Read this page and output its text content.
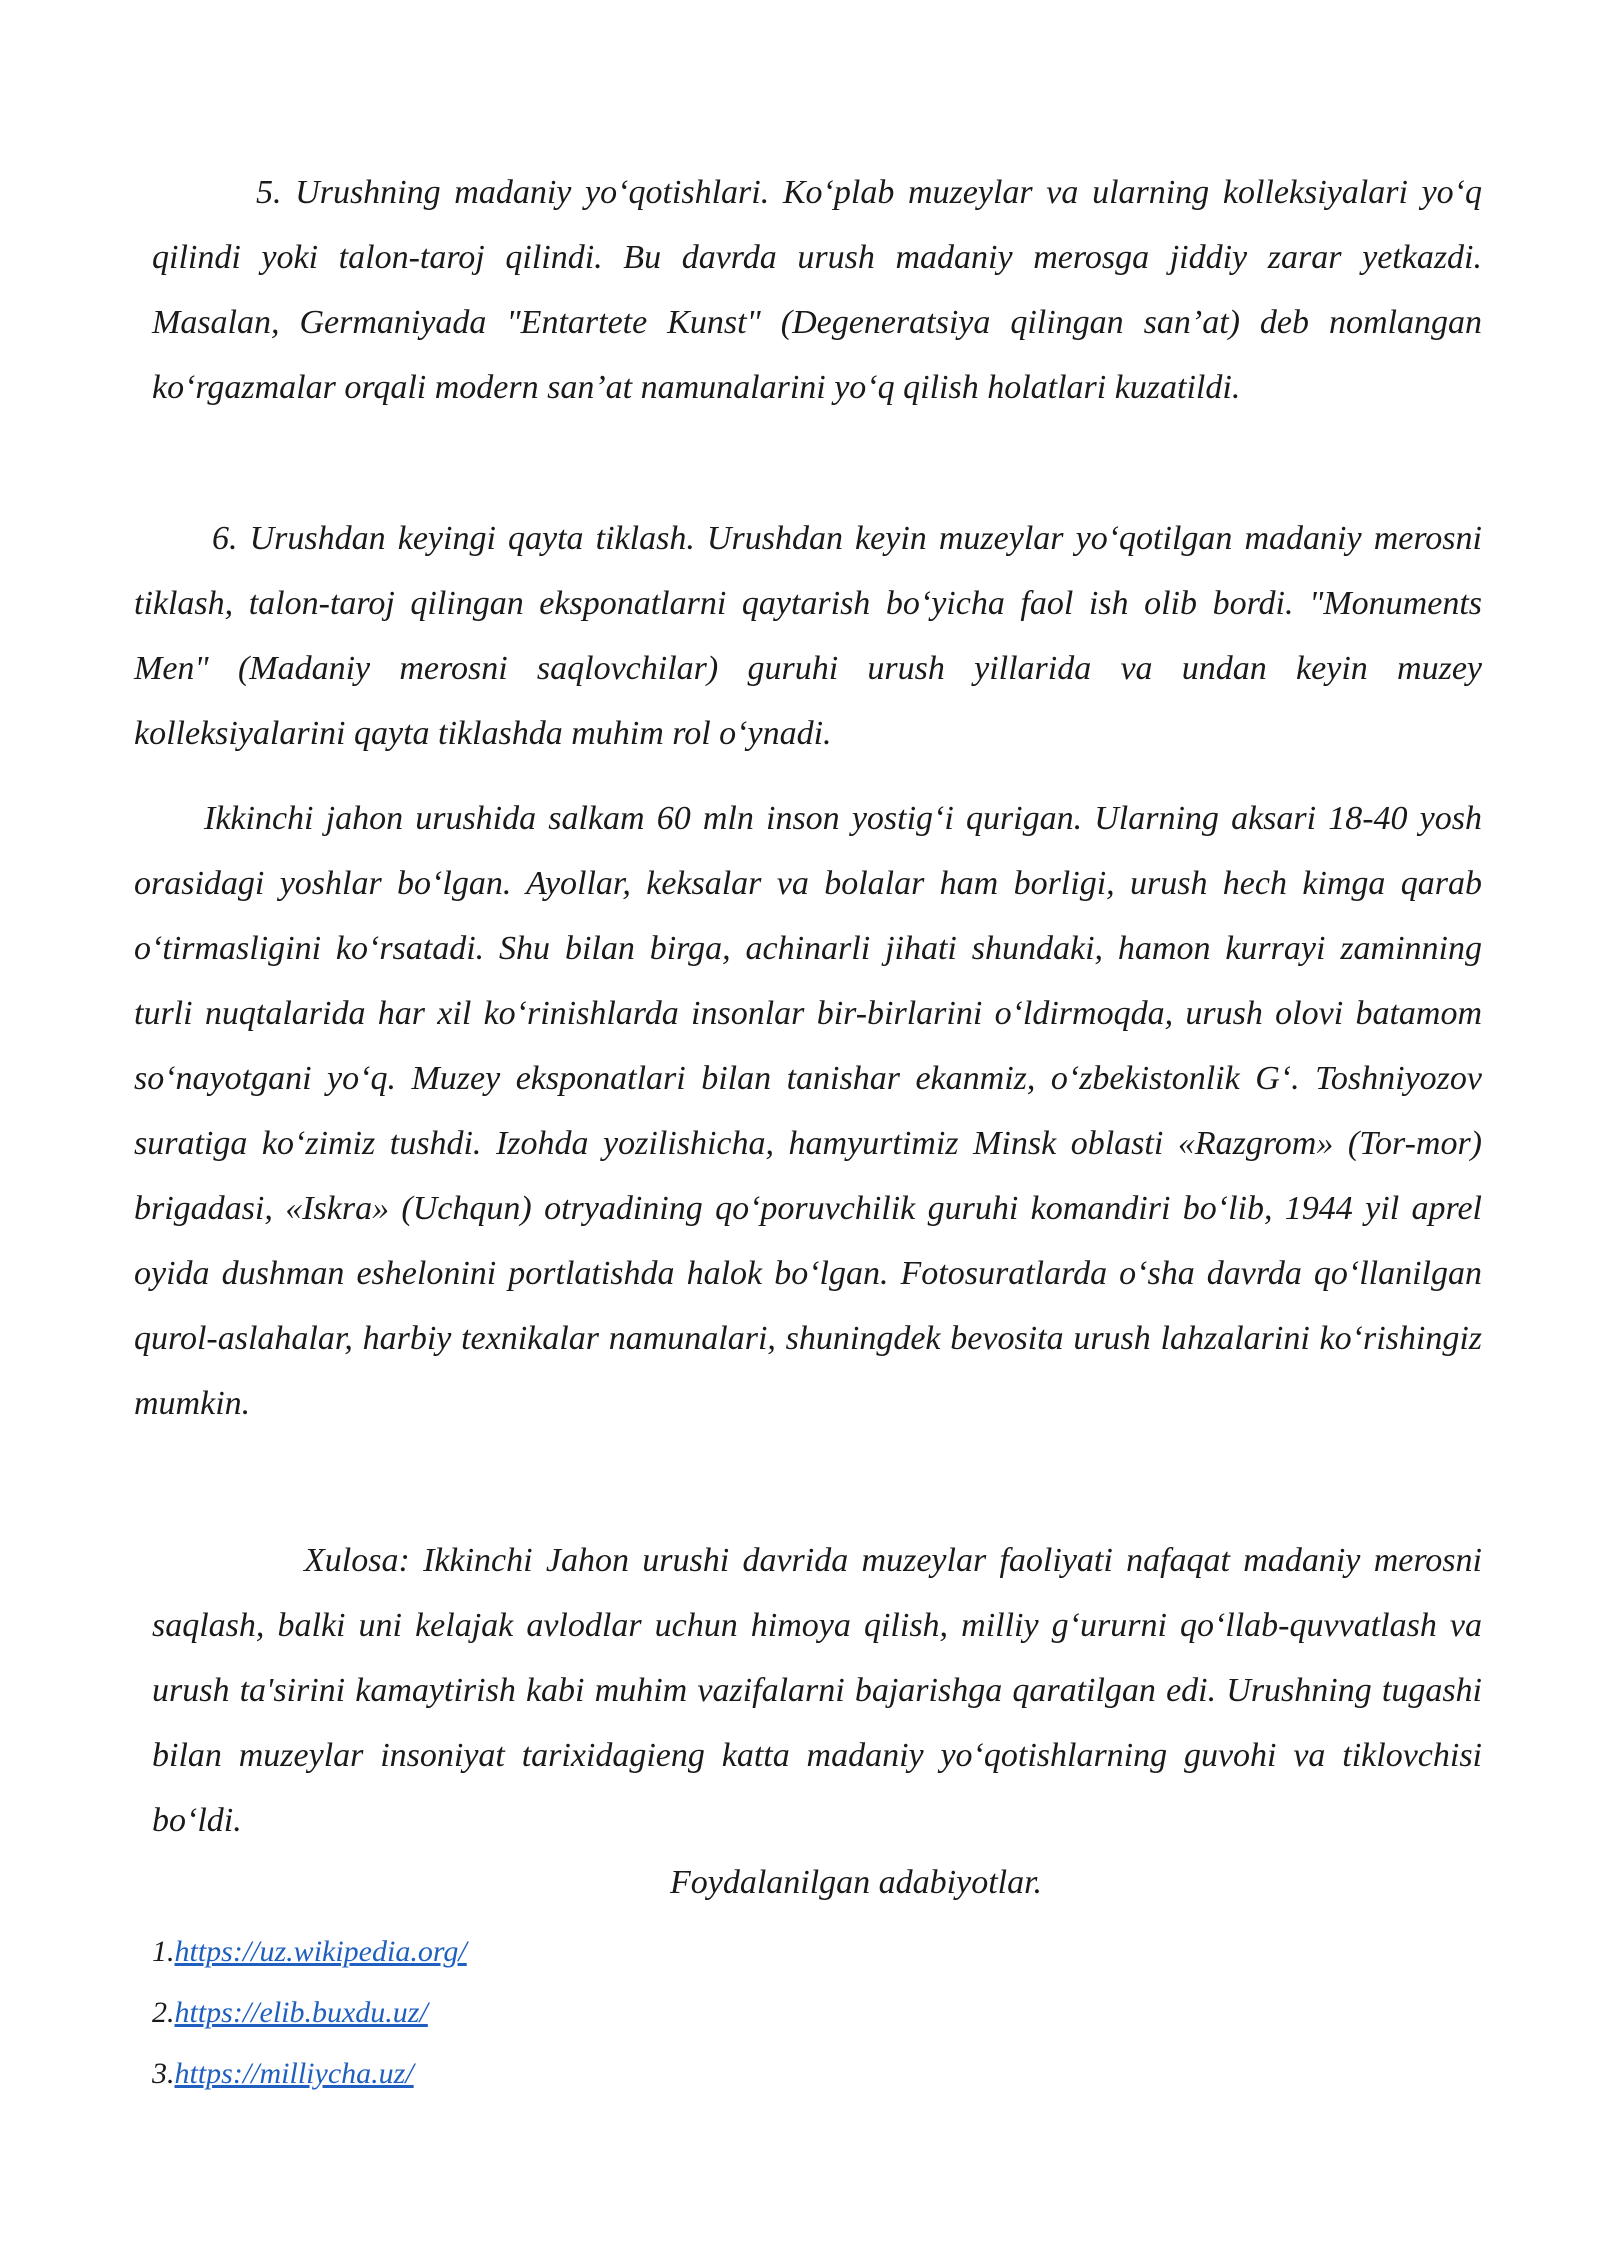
5. Urushning madaniy yo‘qotishlari. Ko‘plab muzeylar va ularning kolleksiyalari yo‘q qilindi yoki talon-taroj qilindi. Bu davrda urush madaniy merosga jiddiy zarar yetkazdi. Masalan, Germaniyada "Entartete Kunst" (Degeneratsiya qilingan san’at) deb nomlangan ko‘rgazmalar orqali modern san’at namunalarini yo‘q qilish holatlari kuzatildi.

6. Urushdan keyingi qayta tiklash. Urushdan keyin muzeylar yo‘qotilgan madaniy merosni tiklash, talon-taroj qilingan eksponatlarni qaytarish bo‘yicha faol ish olib bordi. "Monuments Men" (Madaniy merosni saqlovchilar) guruhi urush yillarida va undan keyin muzey kolleksiyalarini qayta tiklashda muhim rol o‘ynadi.

Ikkinchi jahon urushida salkam 60 mln inson yostig‘i qurigan. Ularning aksari 18-40 yosh orasidagi yoshlar bo‘lgan. Ayollar, keksalar va bolalar ham borligi, urush hech kimga qarab o‘tirmasligini ko‘rsatadi. Shu bilan birga, achinarli jihati shundaki, hamon kurrayi zaminning turli nuqtalarida har xil ko‘rinishlarda insonlar bir-birlarini o‘ldirmoqda, urush olovi batamom so‘nayotgani yo‘q. Muzey eksponatlari bilan tanishar ekanmiz, o‘zbekistonlik G‘. Toshniyozov suratiga ko‘zimiz tushdi. Izohda yozilishicha, hamyurtimiz Minsk oblasti «Razgrom» (Tor-mor) brigadasi, «Iskra» (Uchqun) otryadining qo‘poruvchilik guruhi komandiri bo‘lib, 1944 yil aprel oyida dushman eshelonini portlatishda halok bo‘lgan. Fotosuratlarda o‘sha davrda qo‘llanilgan qurol-aslahalar, harbiy texnikalar namunalari, shuningdek bevosita urush lahzalarini ko‘rishingiz mumkin.

Xulosa: Ikkinchi Jahon urushi davrida muzeylar faoliyati nafaqat madaniy merosni saqlash, balki uni kelajak avlodlar uchun himoya qilish, milliy g‘ururni qo‘llab-quvvatlash va urush ta'sirini kamaytirish kabi muhim vazifalarni bajarishga qaratilgan edi. Urushning tugashi bilan muzeylar insoniyat tarixidagieng katta madaniy yo‘qotishlarning guvohi va tiklovchisi bo‘ldi.

Foydalanilgan adabiyotlar.

1.https://uz.wikipedia.org/

2.https://elib.buxdu.uz/

3.https://milliycha.uz/
